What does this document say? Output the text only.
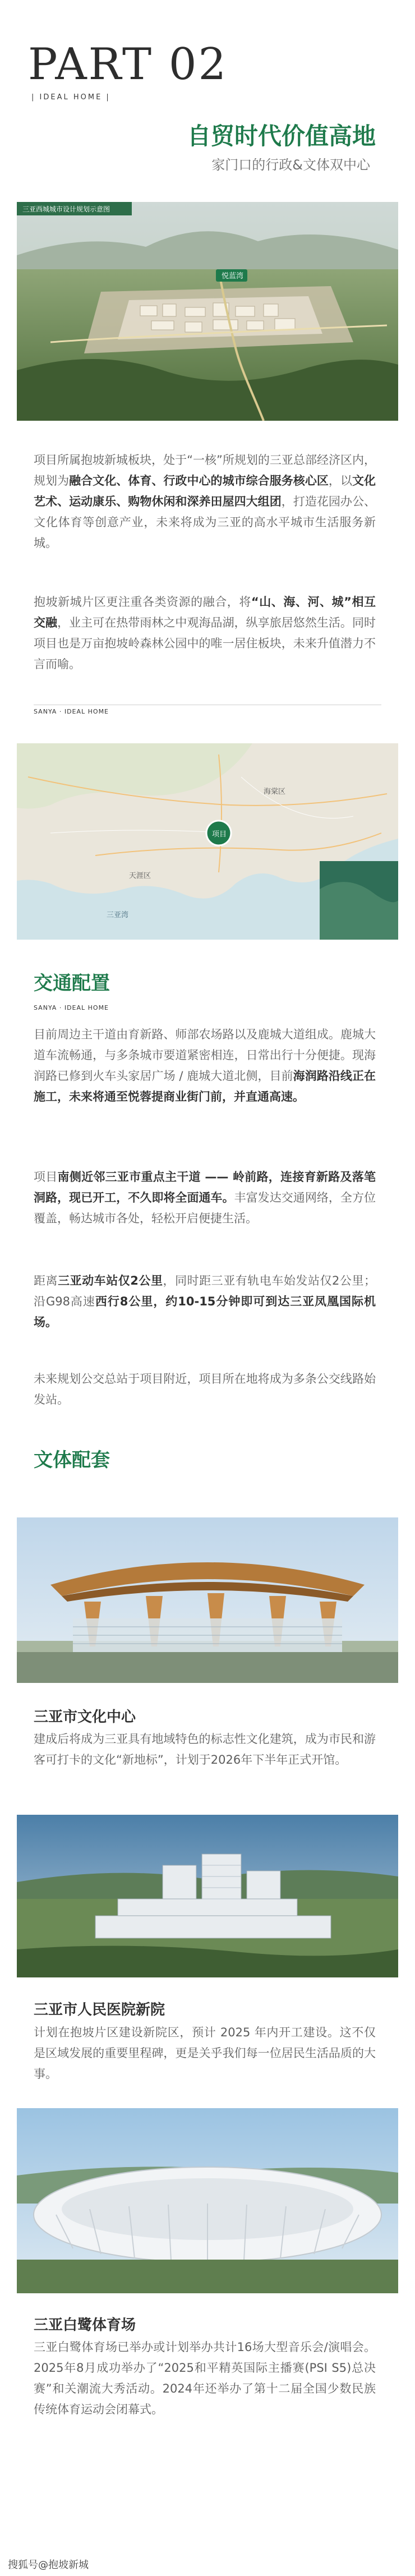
PART 02
| IDEAL HOME |
自贸时代价值高地
家门口的行政&文体双中心
三亚西城城市设计规划示意图
悦蓝湾
项目所属抱坡新城板块，处于“一核”所规划的三亚总部经济区内，规划为融合文化、体育、行政中心的城市综合服务核心区，以文化艺术、运动康乐、购物休闲和深养田屋四大组团，打造花园办公、文化体育等创意产业，未来将成为三亚的高水平城市生活服务新城。
抱坡新城片区更注重各类资源的融合，将“山、海、河、城”相互交融，业主可在热带雨林之中观海品湖，纵享旅居悠然生活。同时项目也是万亩抱坡岭森林公园中的唯一居住板块，未来升值潜力不言而喻。
SANYA · IDEAL HOME
项目
天涯区
海棠区
三亚湾
交通配置
SANYA · IDEAL HOME
目前周边主干道由育新路、师部农场路以及鹿城大道组成。鹿城大道车流畅通，与多条城市要道紧密相连，日常出行十分便捷。现海润路已修到火车头家居广场 / 鹿城大道北侧，目前海润路沿线正在施工，未来将通至悦蓉提商业街门前，并直通高速。
项目南侧近邻三亚市重点主干道 —— 岭前路，连接育新路及落笔洞路，现已开工，不久即将全面通车。丰富发达交通网络，全方位覆盖，畅达城市各处，轻松开启便捷生活。
距离三亚动车站仅2公里，同时距三亚有轨电车始发站仅2公里；沿G98高速西行8公里，约10-15分钟即可到达三亚凤凰国际机场。
未来规划公交总站于项目附近，项目所在地将成为多条公交线路始发站。
文体配套
三亚市文化中心
建成后将成为三亚具有地域特色的标志性文化建筑，成为市民和游客可打卡的文化“新地标”，计划于2026年下半年正式开馆。
三亚市人民医院新院
计划在抱坡片区建设新院区，预计 2025 年内开工建设。这不仅是区域发展的重要里程碑，更是关乎我们每一位居民生活品质的大事。
三亚白鹭体育场
三亚白鹭体育场已举办或计划举办共计16场大型音乐会/演唱会。2025年8月成功举办了“2025和平精英国际主播赛(PSI S5)总决赛”和关潮流大秀活动。2024年还举办了第十二届全国少数民族传统体育运动会闭幕式。
搜狐号@抱坡新城
